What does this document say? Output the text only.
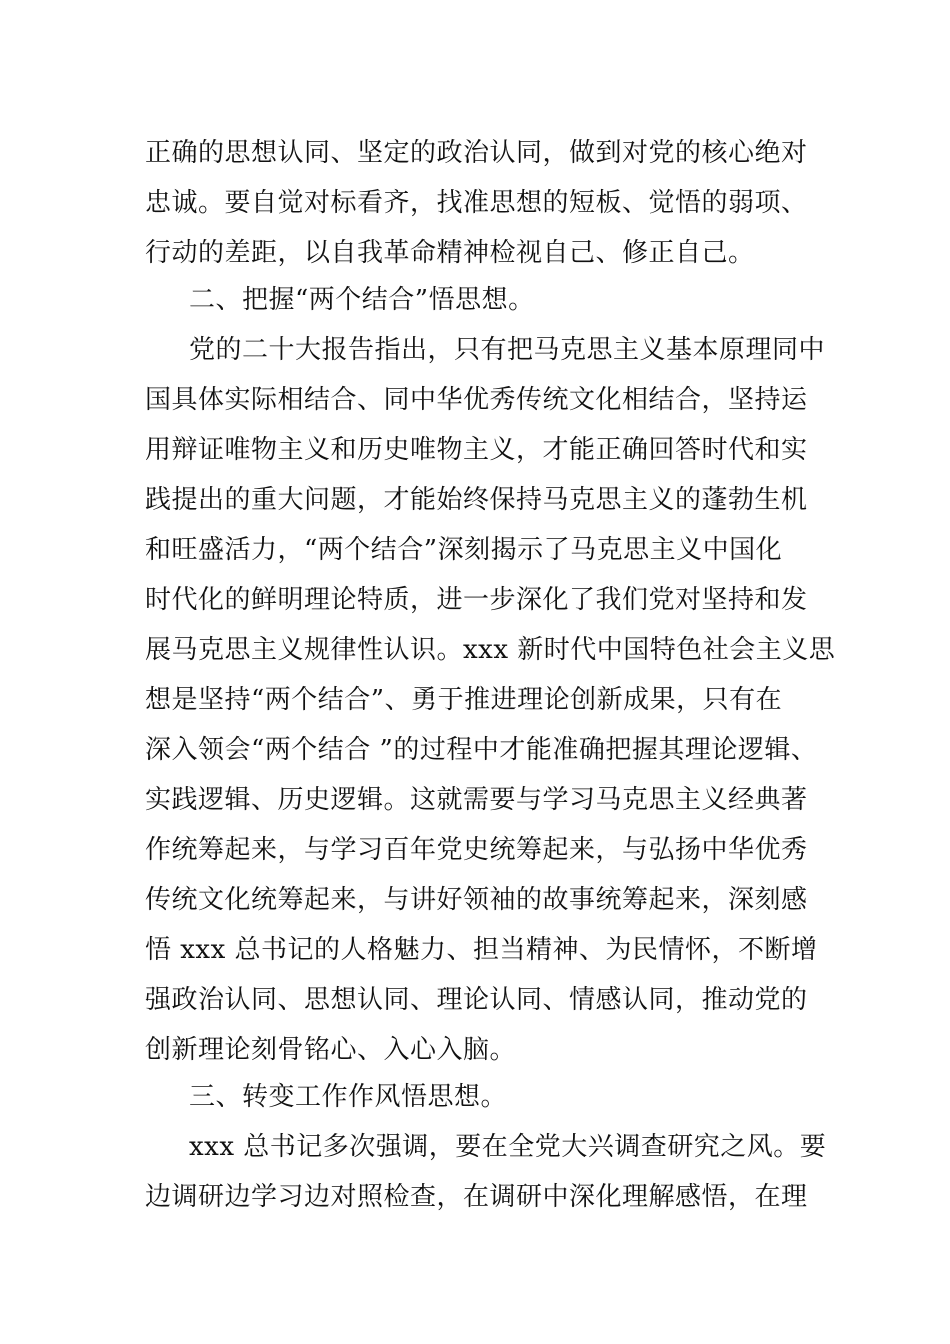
正确的思想认同、坚定的政治认同，做到对党的核心绝对
忠诚。要自觉对标看齐，找准思想的短板、觉悟的弱项、
行动的差距，以自我革命精神检视自己、修正自己。
二、把握“两个结合”悟思想。
党的二十大报告指出，只有把马克思主义基本原理同中
国具体实际相结合、同中华优秀传统文化相结合，坚持运
用辩证唯物主义和历史唯物主义，才能正确回答时代和实
践提出的重大问题，才能始终保持马克思主义的蓬勃生机
和旺盛活力，“两个结合”深刻揭示了马克思主义中国化
时代化的鲜明理论特质，进一步深化了我们党对坚持和发
展马克思主义规律性认识。xxx 新时代中国特色社会主义思
想是坚持“两个结合”、勇于推进理论创新成果，只有在
深入领会“两个结合 ”的过程中才能准确把握其理论逻辑、
实践逻辑、历史逻辑。这就需要与学习马克思主义经典著
作统筹起来，与学习百年党史统筹起来，与弘扬中华优秀
传统文化统筹起来，与讲好领袖的故事统筹起来，深刻感
悟 xxx 总书记的人格魅力、担当精神、为民情怀，不断增
强政治认同、思想认同、理论认同、情感认同，推动党的
创新理论刻骨铭心、入心入脑。
三、转变工作作风悟思想。
xxx 总书记多次强调，要在全党大兴调查研究之风。要
边调研边学习边对照检查，在调研中深化理解感悟，在理
